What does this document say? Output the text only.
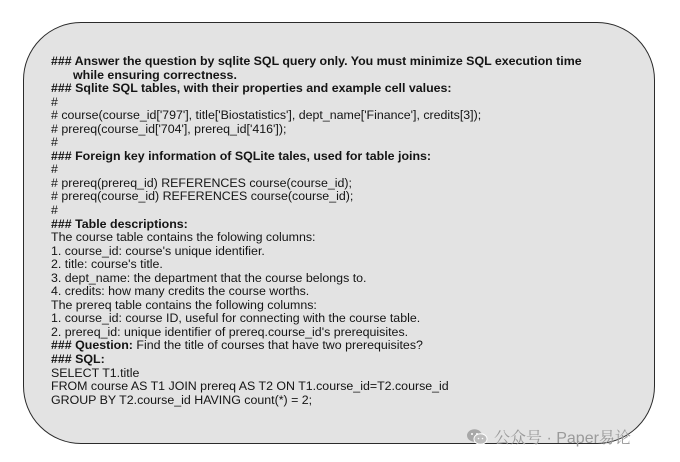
### Answer the question by sqlite SQL query only. You must minimize SQL execution time
while ensuring correctness.
### Sqlite SQL tables, with their properties and example cell values:
#
# course(course_id['797'], title['Biostatistics'], dept_name['Finance'], credits[3]);
# prereq(course_id['704'], prereq_id['416']);
#
### Foreign key information of SQLite tales, used for table joins:
#
# prereq(prereq_id) REFERENCES course(course_id);
# prereq(course_id) REFERENCES course(course_id);
#
### Table descriptions:
The course table contains the folowing columns:
1. course_id: course's unique identifier.
2. title: course's title.
3. dept_name: the department that the course belongs to.
4. credits: how many credits the course worths.
The prereq table contains the following columns:
1. course_id: course ID, useful for connecting with the course table.
2. prereq_id: unique identifier of prereq.course_id's prerequisites.
### Question: Find the title of courses that have two prerequisites?
### SQL:
SELECT T1.title
FROM course AS T1 JOIN prereq AS T2 ON T1.course_id=T2.course_id
GROUP BY T2.course_id HAVING count(*) = 2;
公众号 · Paper易论
